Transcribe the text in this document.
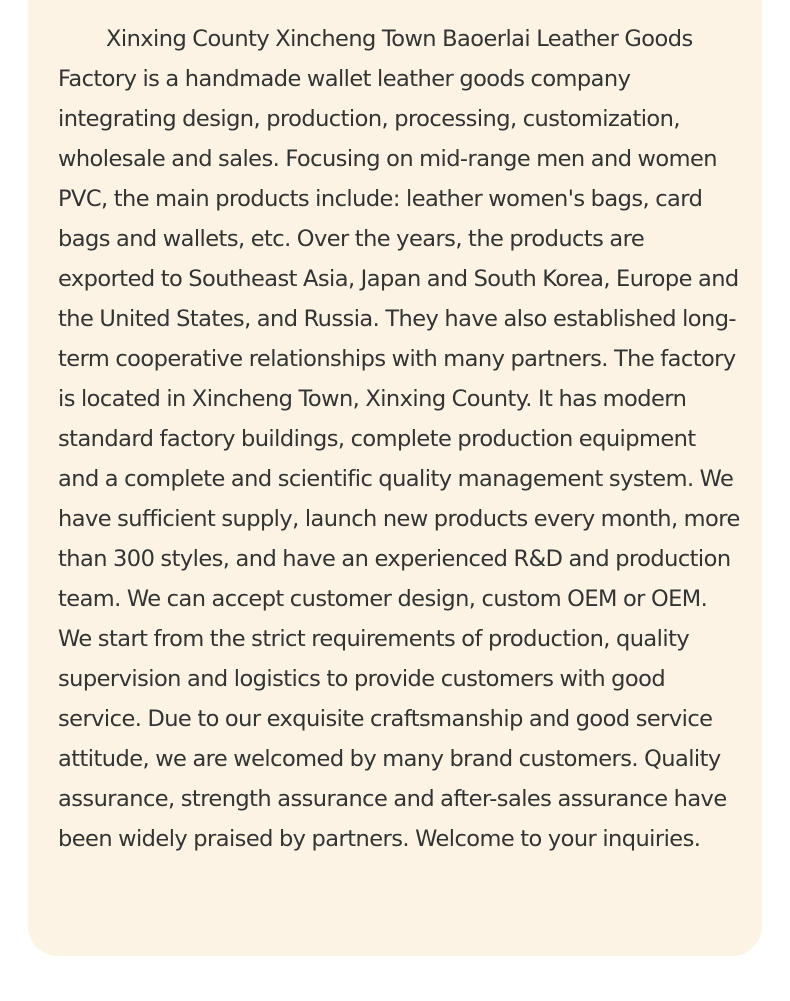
Xinxing County Xincheng Town Baoerlai Leather Goods Factory is a handmade wallet leather goods company integrating design, production, processing, customization, wholesale and sales. Focusing on mid-range men and women PVC, the main products include: leather women's bags, card bags and wallets, etc. Over the years, the products are exported to Southeast Asia, Japan and South Korea, Europe and the United States, and Russia. They have also established long-term cooperative relationships with many partners. The factory is located in Xincheng Town, Xinxing County. It has modern standard factory buildings, complete production equipment and a complete and scientific quality management system. We have sufficient supply, launch new products every month, more than 300 styles, and have an experienced R&D and production team. We can accept customer design, custom OEM or OEM. We start from the strict requirements of production, quality supervision and logistics to provide customers with good service. Due to our exquisite craftsmanship and good service attitude, we are welcomed by many brand customers. Quality assurance, strength assurance and after-sales assurance have been widely praised by partners. Welcome to your inquiries.
